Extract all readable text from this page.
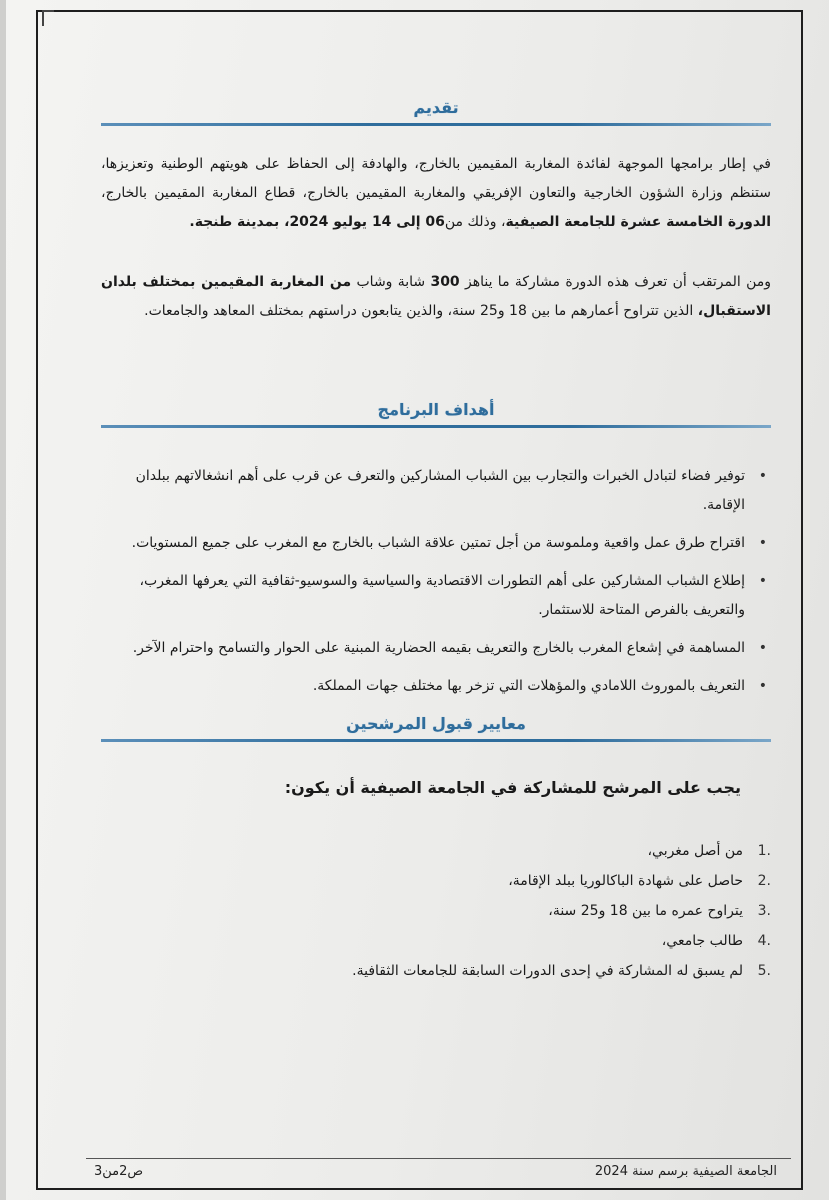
تقديم
في إطار برامجها الموجهة لفائدة المغاربة المقيمين بالخارج، والهادفة إلى الحفاظ على هويتهم الوطنية وتعزيزها، ستنظم وزارة الشؤون الخارجية والتعاون الإفريقي والمغاربة المقيمين بالخارج، قطاع المغاربة المقيمين بالخارج، الدورة الخامسة عشرة للجامعة الصيفية، وذلك من06 إلى 14 يوليو 2024، بمدينة طنجة.
ومن المرتقب أن تعرف هذه الدورة مشاركة ما يناهز 300 شابة وشاب من المغاربة المقيمين بمختلف بلدان الاستقبال، الذين تتراوح أعمارهم ما بين 18 و25 سنة، والذين يتابعون دراستهم بمختلف المعاهد والجامعات.
أهداف البرنامج
• توفير فضاء لتبادل الخبرات والتجارب بين الشباب المشاركين والتعرف عن قرب على أهم انشغالاتهم ببلدان الإقامة.
• اقتراح طرق عمل واقعية وملموسة من أجل تمتين علاقة الشباب بالخارج مع المغرب على جميع المستويات.
• إطلاع الشباب المشاركين على أهم التطورات الاقتصادية والسياسية والسوسيو-ثقافية التي يعرفها المغرب، والتعريف بالفرص المتاحة للاستثمار.
• المساهمة في إشعاع المغرب بالخارج والتعريف بقيمه الحضارية المبنية على الحوار والتسامح واحترام الآخر.
• التعريف بالموروث اللامادي والمؤهلات التي تزخر بها مختلف جهات المملكة.
معايير قبول المرشحين
يجب على المرشح للمشاركة في الجامعة الصيفية أن يكون:
1.
من أصل مغربي،
2.
حاصل على شهادة الباكالوريا ببلد الإقامة،
3.
يتراوح عمره ما بين 18 و25 سنة،
4.
طالب جامعي،
5.
لم يسبق له المشاركة في إحدى الدورات السابقة للجامعات الثقافية.
ص2من3	الجامعة الصيفية برسم سنة 2024
